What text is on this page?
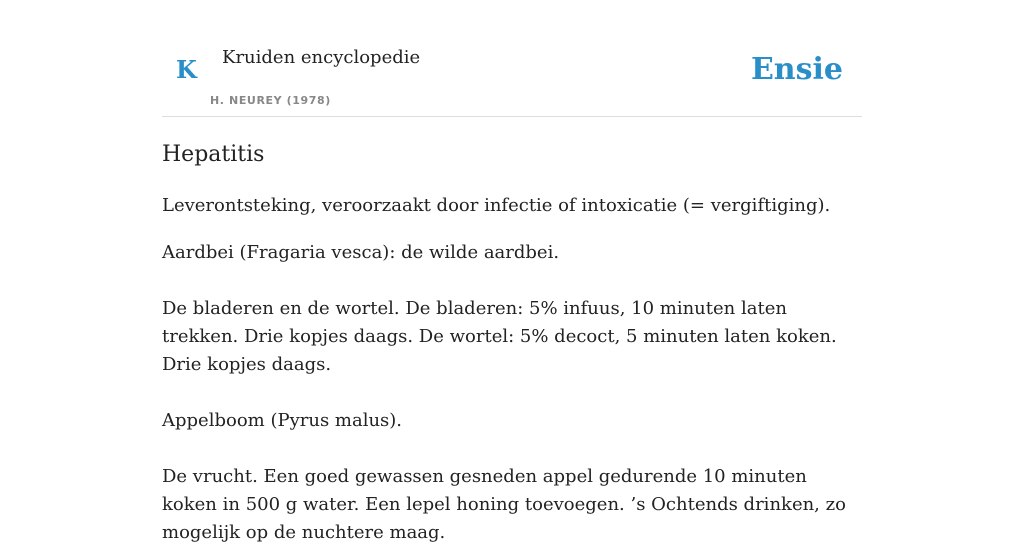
K Kruiden encyclopedie
H. NEUREY (1978)
Ensie
Hepatitis

Leverontsteking, veroorzaakt door infectie of intoxicatie (= vergiftiging).

Aardbei (Fragaria vesca): de wilde aardbei.

De bladeren en de wortel. De bladeren: 5% infuus, 10 minuten laten trekken. Drie kopjes daags. De wortel: 5% decoct, 5 minuten laten koken. Drie kopjes daags.

Appelboom (Pyrus malus).

De vrucht. Een goed gewassen gesneden appel gedurende 10 minuten koken in 500 g water. Een lepel honing toevoegen. ’s Ochtends drinken, zo mogelijk op de nuchtere maag.
